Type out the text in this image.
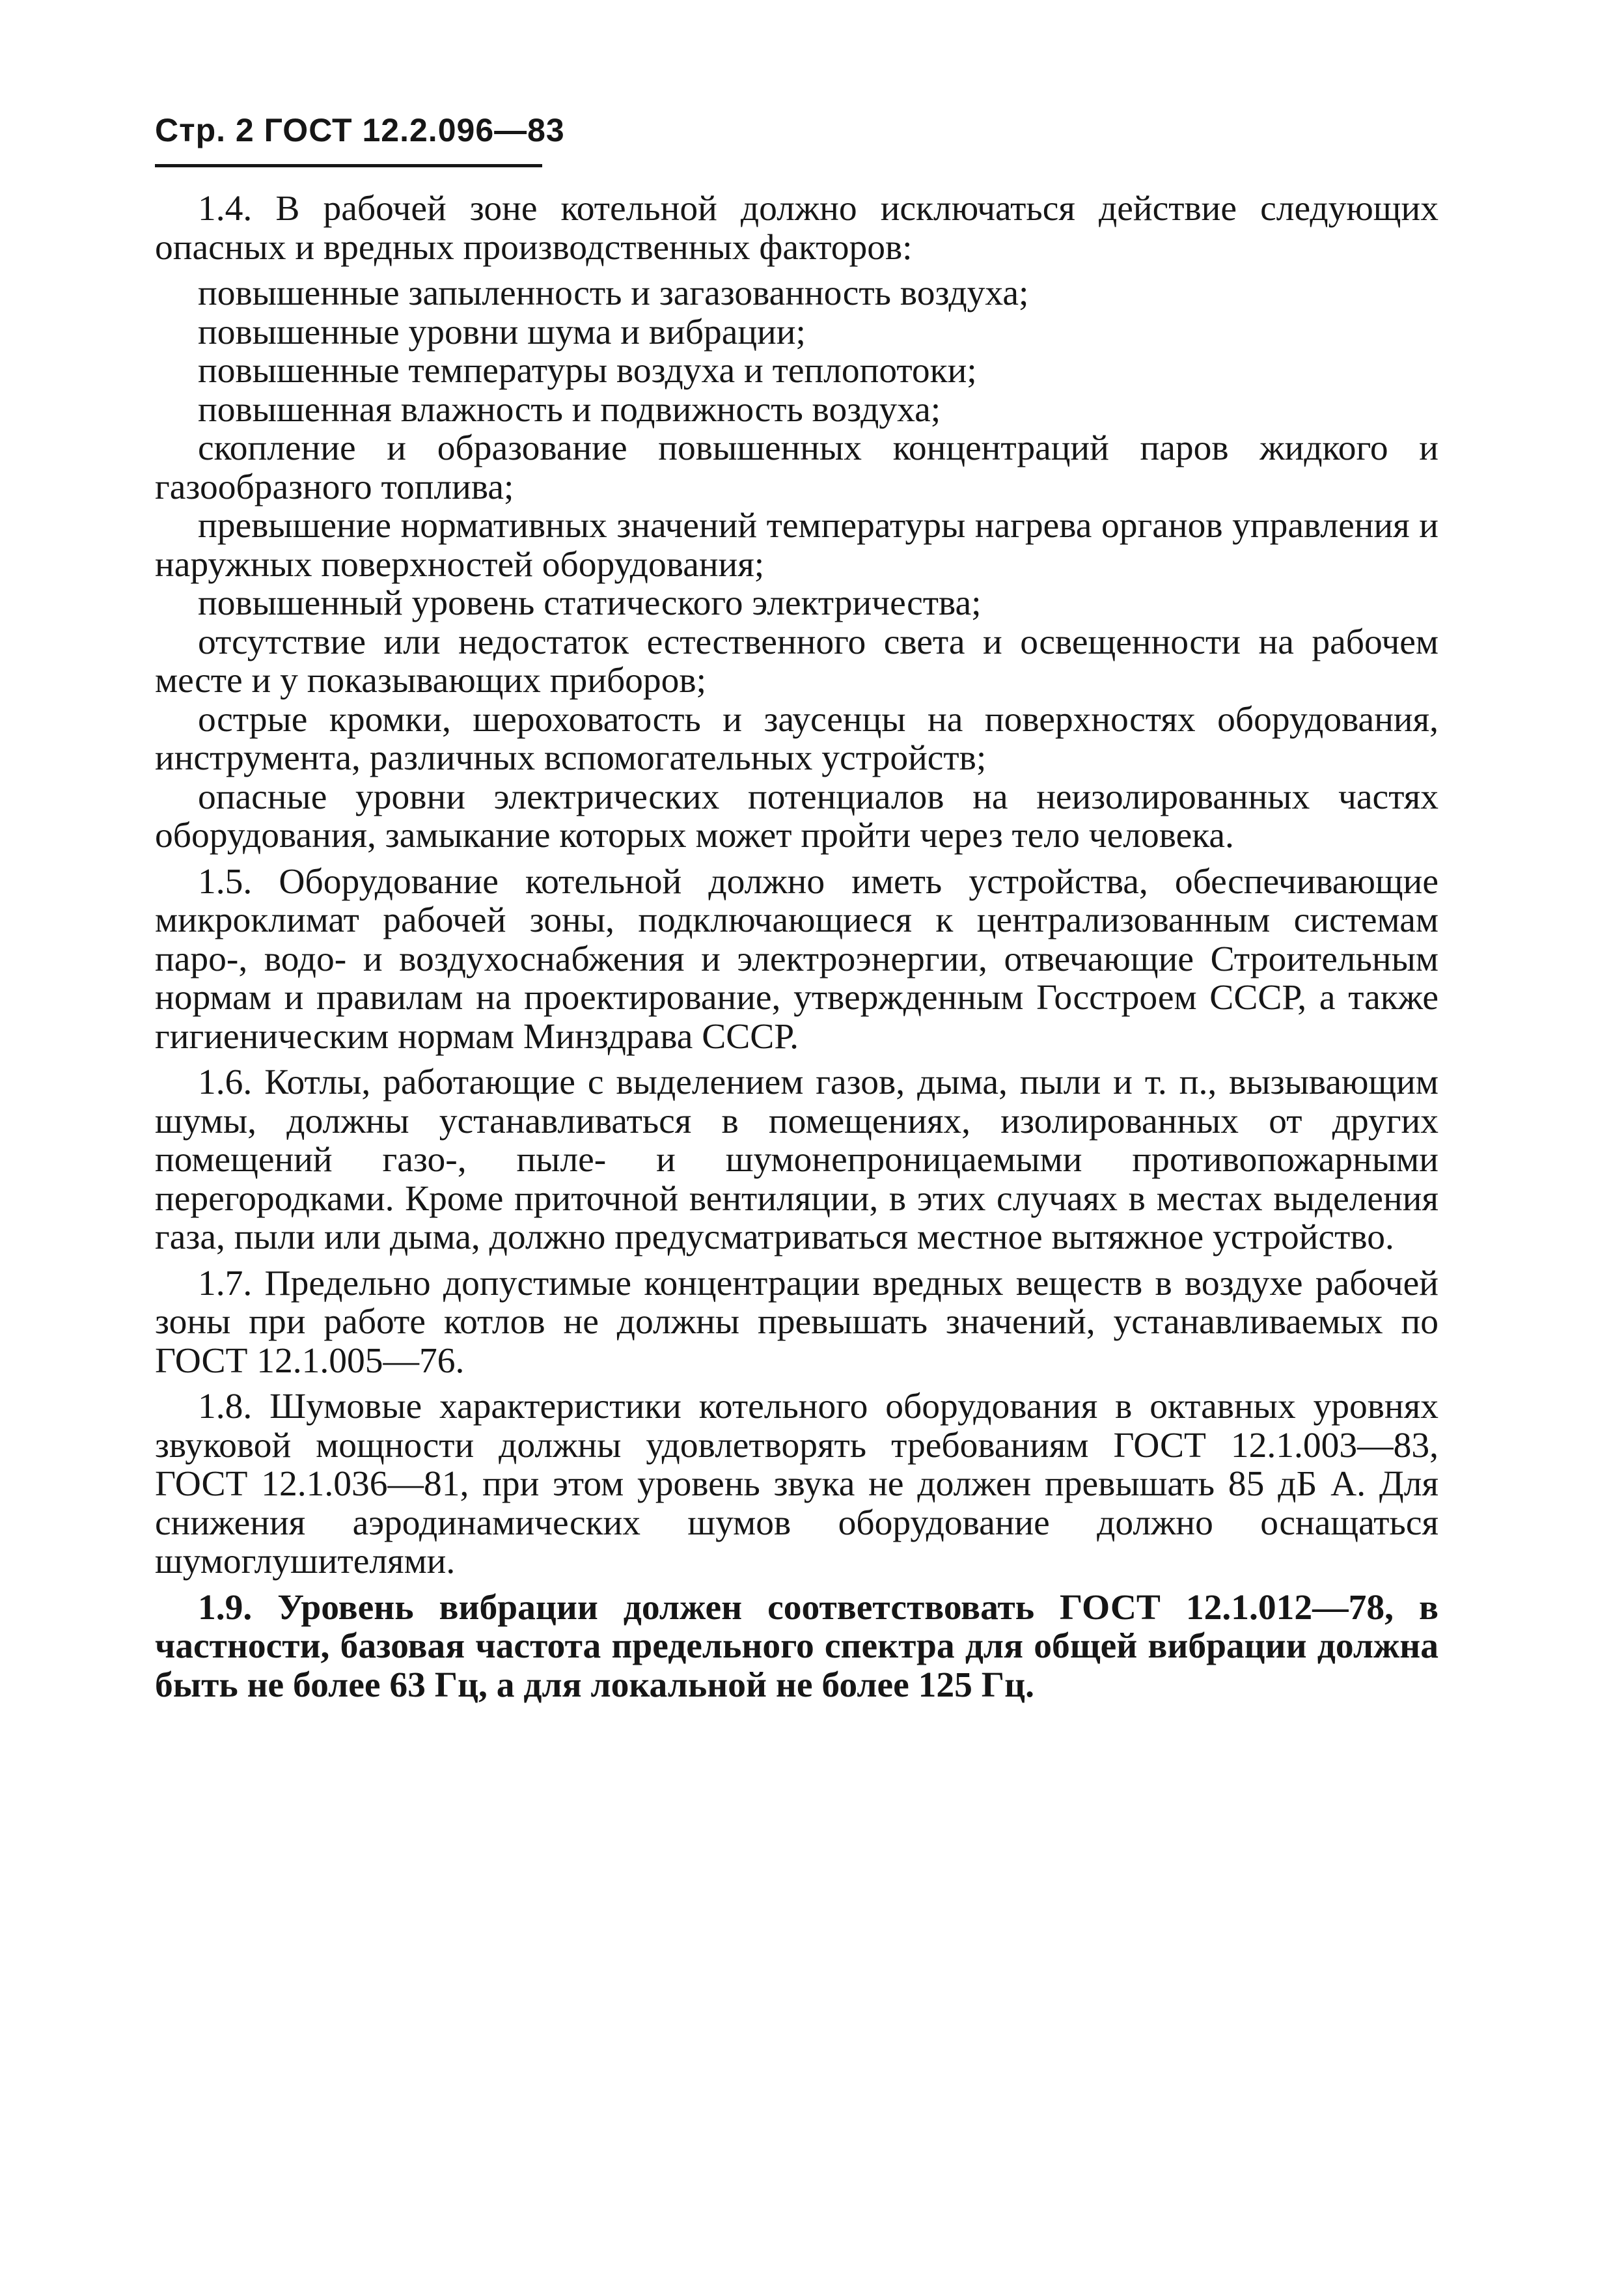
Стр. 2 ГОСТ 12.2.096—83

1.4. В рабочей зоне котельной должно исключаться действие следующих опасных и вредных производственных факторов:

повышенные запыленность и загазованность воздуха;

повышенные уровни шума и вибрации;

повышенные температуры воздуха и теплопотоки;

повышенная влажность и подвижность воздуха;

скопление и образование повышенных концентраций паров жидкого и газообразного топлива;

превышение нормативных значений температуры нагрева органов управления и наружных поверхностей оборудования;

повышенный уровень статического электричества;

отсутствие или недостаток естественного света и освещенности на рабочем месте и у показывающих приборов;

острые кромки, шероховатость и заусенцы на поверхностях оборудования, инструмента, различных вспомогательных устройств;

опасные уровни электрических потенциалов на неизолированных частях оборудования, замыкание которых может пройти через тело человека.

1.5. Оборудование котельной должно иметь устройства, обеспечивающие микроклимат рабочей зоны, подключающиеся к централизованным системам паро-, водо- и воздухоснабжения и электроэнергии, отвечающие Строительным нормам и правилам на проектирование, утвержденным Госстроем СССР, а также гигиеническим нормам Минздрава СССР.

1.6. Котлы, работающие с выделением газов, дыма, пыли и т. п., вызывающим шумы, должны устанавливаться в помещениях, изолированных от других помещений газо-, пыле- и шумонепроницаемыми противопожарными перегородками. Кроме приточной вентиляции, в этих случаях в местах выделения газа, пыли или дыма, должно предусматриваться местное вытяжное устройство.

1.7. Предельно допустимые концентрации вредных веществ в воздухе рабочей зоны при работе котлов не должны превышать значений, устанавливаемых по ГОСТ 12.1.005—76.

1.8. Шумовые характеристики котельного оборудования в октавных уровнях звуковой мощности должны удовлетворять требованиям ГОСТ 12.1.003—83, ГОСТ 12.1.036—81, при этом уровень звука не должен превышать 85 дБ А. Для снижения аэродинамических шумов оборудование должно оснащаться шумоглушителями.

1.9. Уровень вибрации должен соответствовать ГОСТ 12.1.012—78, в частности, базовая частота предельного спектра для общей вибрации должна быть не более 63 Гц, а для локальной не более 125 Гц.
